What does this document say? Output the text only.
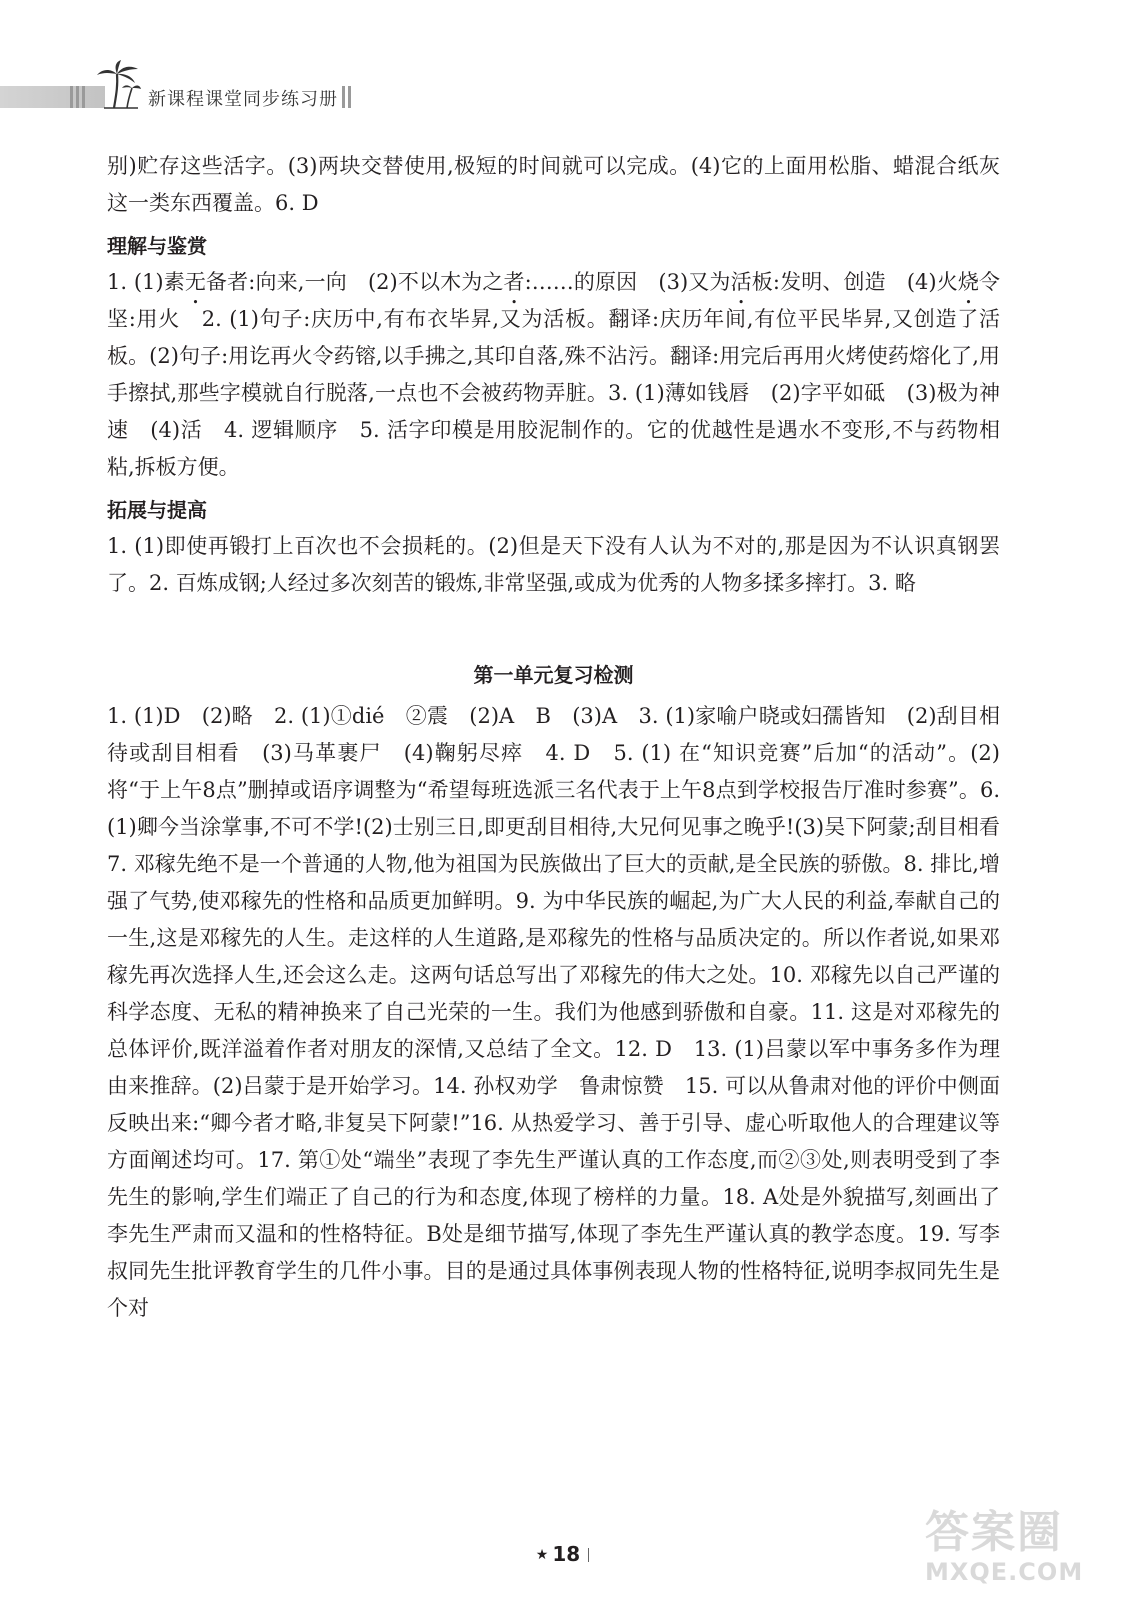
新课程课堂同步练习册

别)贮存这些活字。(3)两块交替使用,极短的时间就可以完成。(4)它的上面用松脂、蜡混合纸灰这一类东西覆盖。6. D

理解与鉴赏

1. (1)素无备者:向来,一向　(2)不以木为之者:……的原因　(3)又为活板:发明、创造　(4)火烧令坚:用火　2. (1)句子:庆历中,有布衣毕昇,又为活板。翻译:庆历年间,有位平民毕昇,又创造了活板。(2)句子:用讫再火令药镕,以手拂之,其印自落,殊不沾污。翻译:用完后再用火烤使药熔化了,用手擦拭,那些字模就自行脱落,一点也不会被药物弄脏。3. (1)薄如钱唇　(2)字平如砥　(3)极为神速　(4)活　4. 逻辑顺序　5. 活字印模是用胶泥制作的。它的优越性是遇水不变形,不与药物相粘,拆板方便。

拓展与提高

1. (1)即使再锻打上百次也不会损耗的。(2)但是天下没有人认为不对的,那是因为不认识真钢罢了。2. 百炼成钢;人经过多次刻苦的锻炼,非常坚强,或成为优秀的人物多揉多摔打。3. 略

第一单元复习检测

1. (1)D　(2)略　2. (1)①dié　②震　(2)A　B　(3)A　3. (1)家喻户晓或妇孺皆知　(2)刮目相待或刮目相看　(3)马革裹尸　(4)鞠躬尽瘁　4. D　5. (1) 在“知识竞赛”后加“的活动”。(2)将“于上午8点”删掉或语序调整为“希望每班选派三名代表于上午8点到学校报告厅准时参赛”。6. (1)卿今当涂掌事,不可不学!(2)士别三日,即更刮目相待,大兄何见事之晚乎!(3)吴下阿蒙;刮目相看　7. 邓稼先绝不是一个普通的人物,他为祖国为民族做出了巨大的贡献,是全民族的骄傲。8. 排比,增强了气势,使邓稼先的性格和品质更加鲜明。9. 为中华民族的崛起,为广大人民的利益,奉献自己的一生,这是邓稼先的人生。走这样的人生道路,是邓稼先的性格与品质决定的。所以作者说,如果邓稼先再次选择人生,还会这么走。这两句话总写出了邓稼先的伟大之处。10. 邓稼先以自己严谨的科学态度、无私的精神换来了自己光荣的一生。我们为他感到骄傲和自豪。11. 这是对邓稼先的总体评价,既洋溢着作者对朋友的深情,又总结了全文。12. D　13. (1)吕蒙以军中事务多作为理由来推辞。(2)吕蒙于是开始学习。14. 孙权劝学　鲁肃惊赞　15. 可以从鲁肃对他的评价中侧面反映出来:“卿今者才略,非复吴下阿蒙!”16. 从热爱学习、善于引导、虚心听取他人的合理建议等方面阐述均可。17. 第①处“端坐”表现了李先生严谨认真的工作态度,而②③处,则表明受到了李先生的影响,学生们端正了自己的行为和态度,体现了榜样的力量。18. A处是外貌描写,刻画出了李先生严肃而又温和的性格特征。B处是细节描写,体现了李先生严谨认真的教学态度。19. 写李叔同先生批评教育学生的几件小事。目的是通过具体事例表现人物的性格特征,说明李叔同先生是个对

★ 18	答案圈
MXQE.COM
